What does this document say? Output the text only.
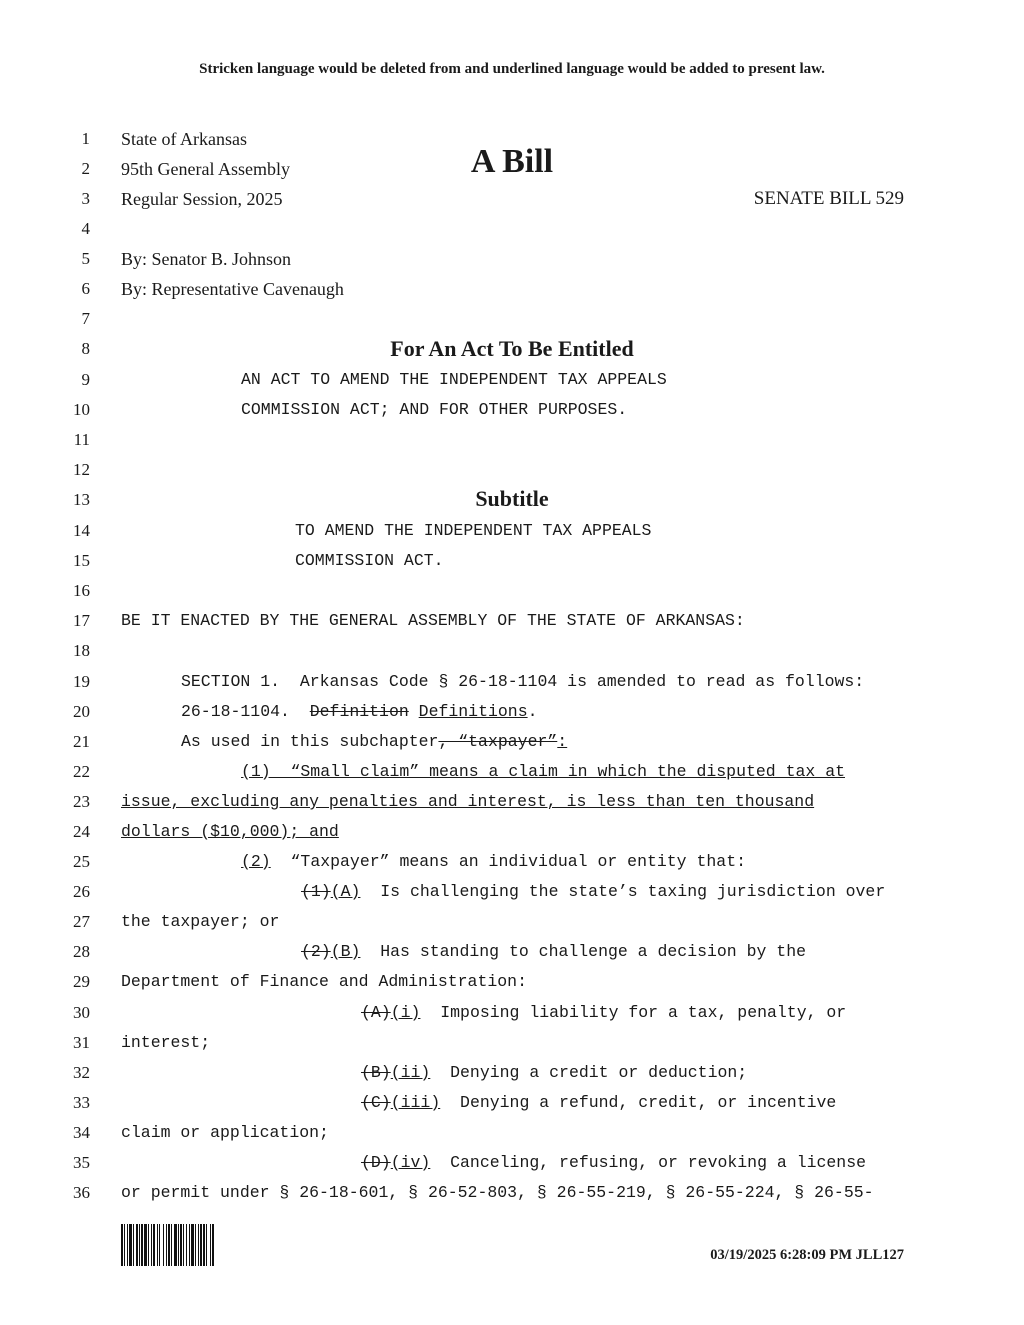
Stricken language would be deleted from and underlined language would be added to present law.
1
2
3
4
5
6
7
8
9
10
11
12
13
14
15
16
17
18
19
20
21
22
23
24
25
26
27
28
29
30
31
32
33
34
35
36
State of Arkansas
95th General Assembly
Regular Session, 2025
A Bill
SENATE BILL 529
By: Senator B. Johnson
By: Representative Cavenaugh
For An Act To Be Entitled
AN ACT TO AMEND THE INDEPENDENT TAX APPEALS
COMMISSION ACT; AND FOR OTHER PURPOSES.
Subtitle
TO AMEND THE INDEPENDENT TAX APPEALS
COMMISSION ACT.
BE IT ENACTED BY THE GENERAL ASSEMBLY OF THE STATE OF ARKANSAS:
SECTION 1.  Arkansas Code § 26-18-1104 is amended to read as follows:
26-18-1104.  Definition Definitions.
As used in this subchapter, “taxpayer”:
(1)  “Small claim” means a claim in which the disputed tax at
issue, excluding any penalties and interest, is less than ten thousand
dollars ($10,000); and
(2)  “Taxpayer” means an individual or entity that:
(1)(A)  Is challenging the state’s taxing jurisdiction over
the taxpayer; or
(2)(B)  Has standing to challenge a decision by the
Department of Finance and Administration:
(A)(i)  Imposing liability for a tax, penalty, or
interest;
(B)(ii)  Denying a credit or deduction;
(C)(iii)  Denying a refund, credit, or incentive
claim or application;
(D)(iv)  Canceling, refusing, or revoking a license
or permit under § 26-18-601, § 26-52-803, § 26-55-219, § 26-55-224, § 26-55-
03/19/2025 6:28:09 PM JLL127
